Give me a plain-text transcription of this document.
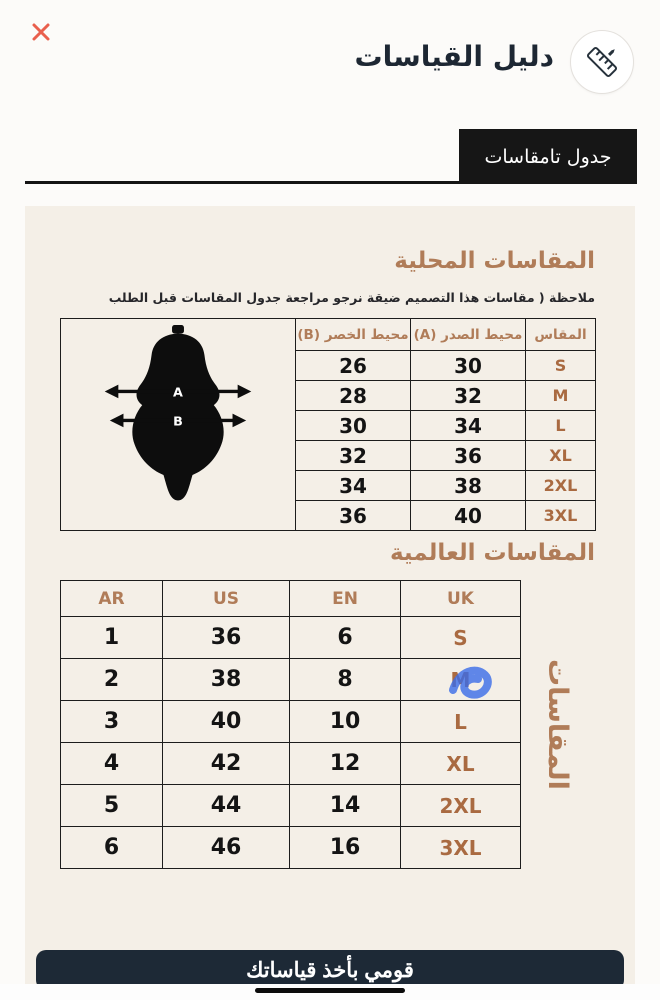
دليل القياسات
جدول تامقاسات
المقاسات المحلية

ملاحظة ( مقاسات هذا التصميم ضيقة نرجو مراجعة جدول المقاسات قبل الطلب

A
B	محيط الخصر (B)	محيط الصدر (A)	المقاس
	26	30	S
	28	32	M
	30	34	L
	32	36	XL
	34	38	2XL
	36	40	3XL
المقاسات العالمية
AR	US	EN	UK
1	36	6	S
2	38	8	M
3	40	10	L
4	42	12	XL
5	44	14	2XL
6	46	16	3XL
المقاسات
قومي بأخذ قياساتك
